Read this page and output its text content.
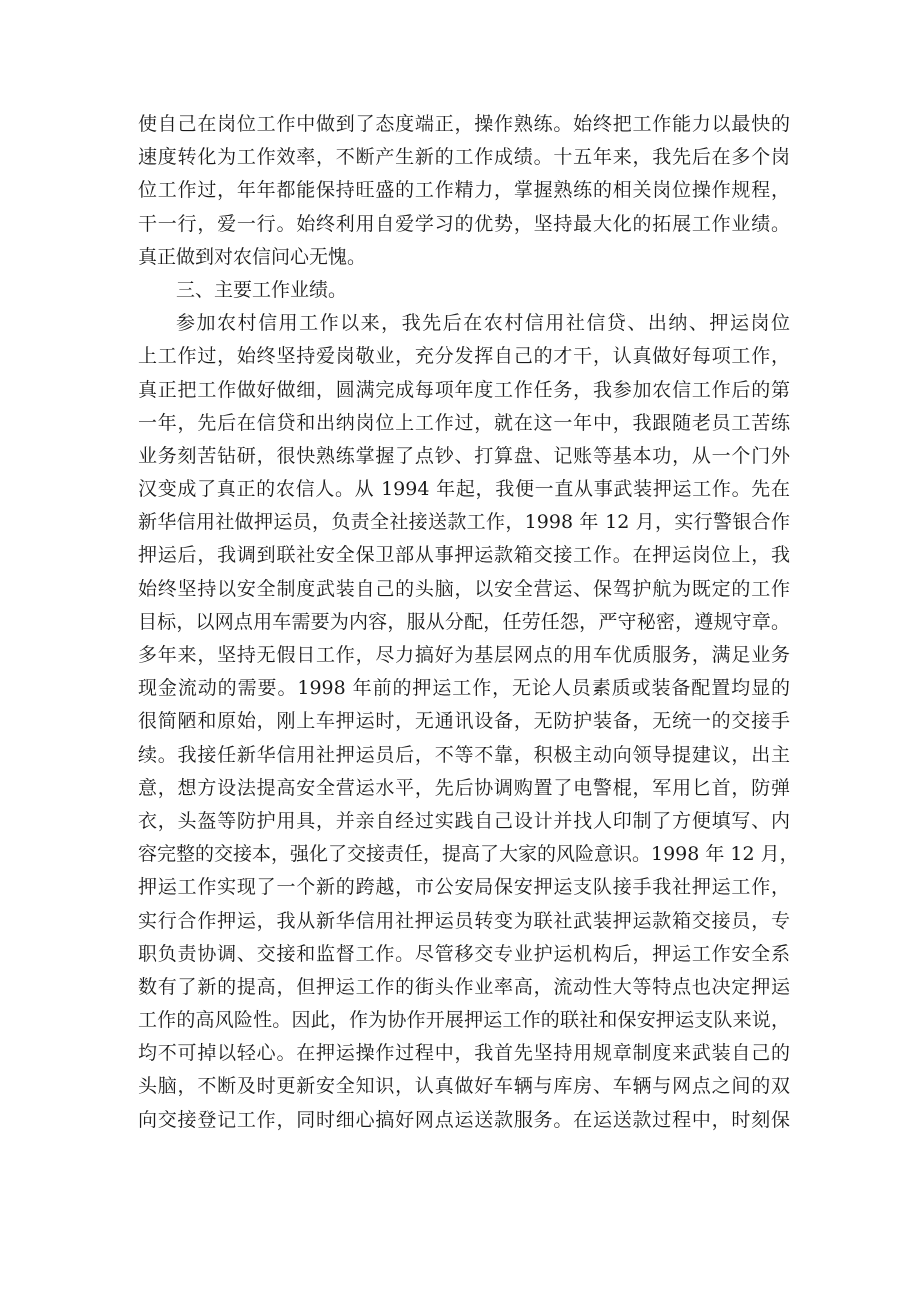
使自己在岗位工作中做到了态度端正，操作熟练。始终把工作能力以最快的
速度转化为工作效率，不断产生新的工作成绩。十五年来，我先后在多个岗
位工作过，年年都能保持旺盛的工作精力，掌握熟练的相关岗位操作规程，
干一行，爱一行。始终利用自爱学习的优势，坚持最大化的拓展工作业绩。
真正做到对农信问心无愧。
三、主要工作业绩。
参加农村信用工作以来，我先后在农村信用社信贷、出纳、押运岗位
上工作过，始终坚持爱岗敬业，充分发挥自己的才干，认真做好每项工作，
真正把工作做好做细，圆满完成每项年度工作任务，我参加农信工作后的第
一年，先后在信贷和出纳岗位上工作过，就在这一年中，我跟随老员工苦练
业务刻苦钻研，很快熟练掌握了点钞、打算盘、记账等基本功，从一个门外
汉变成了真正的农信人。从 1994 年起，我便一直从事武装押运工作。先在
新华信用社做押运员，负责全社接送款工作，1998 年 12 月，实行警银合作
押运后，我调到联社安全保卫部从事押运款箱交接工作。在押运岗位上，我
始终坚持以安全制度武装自己的头脑，以安全营运、保驾护航为既定的工作
目标，以网点用车需要为内容，服从分配，任劳任怨，严守秘密，遵规守章。
多年来，坚持无假日工作，尽力搞好为基层网点的用车优质服务，满足业务
现金流动的需要。1998 年前的押运工作，无论人员素质或装备配置均显的
很简陋和原始，刚上车押运时，无通讯设备，无防护装备，无统一的交接手
续。我接任新华信用社押运员后，不等不靠，积极主动向领导提建议，出主
意，想方设法提高安全营运水平，先后协调购置了电警棍，军用匕首，防弹
衣，头盔等防护用具，并亲自经过实践自己设计并找人印制了方便填写、内
容完整的交接本，强化了交接责任，提高了大家的风险意识。1998 年 12 月，
押运工作实现了一个新的跨越，市公安局保安押运支队接手我社押运工作，
实行合作押运，我从新华信用社押运员转变为联社武装押运款箱交接员，专
职负责协调、交接和监督工作。尽管移交专业护运机构后，押运工作安全系
数有了新的提高，但押运工作的街头作业率高，流动性大等特点也决定押运
工作的高风险性。因此，作为协作开展押运工作的联社和保安押运支队来说，
均不可掉以轻心。在押运操作过程中，我首先坚持用规章制度来武装自己的
头脑，不断及时更新安全知识，认真做好车辆与库房、车辆与网点之间的双
向交接登记工作，同时细心搞好网点运送款服务。在运送款过程中，时刻保
